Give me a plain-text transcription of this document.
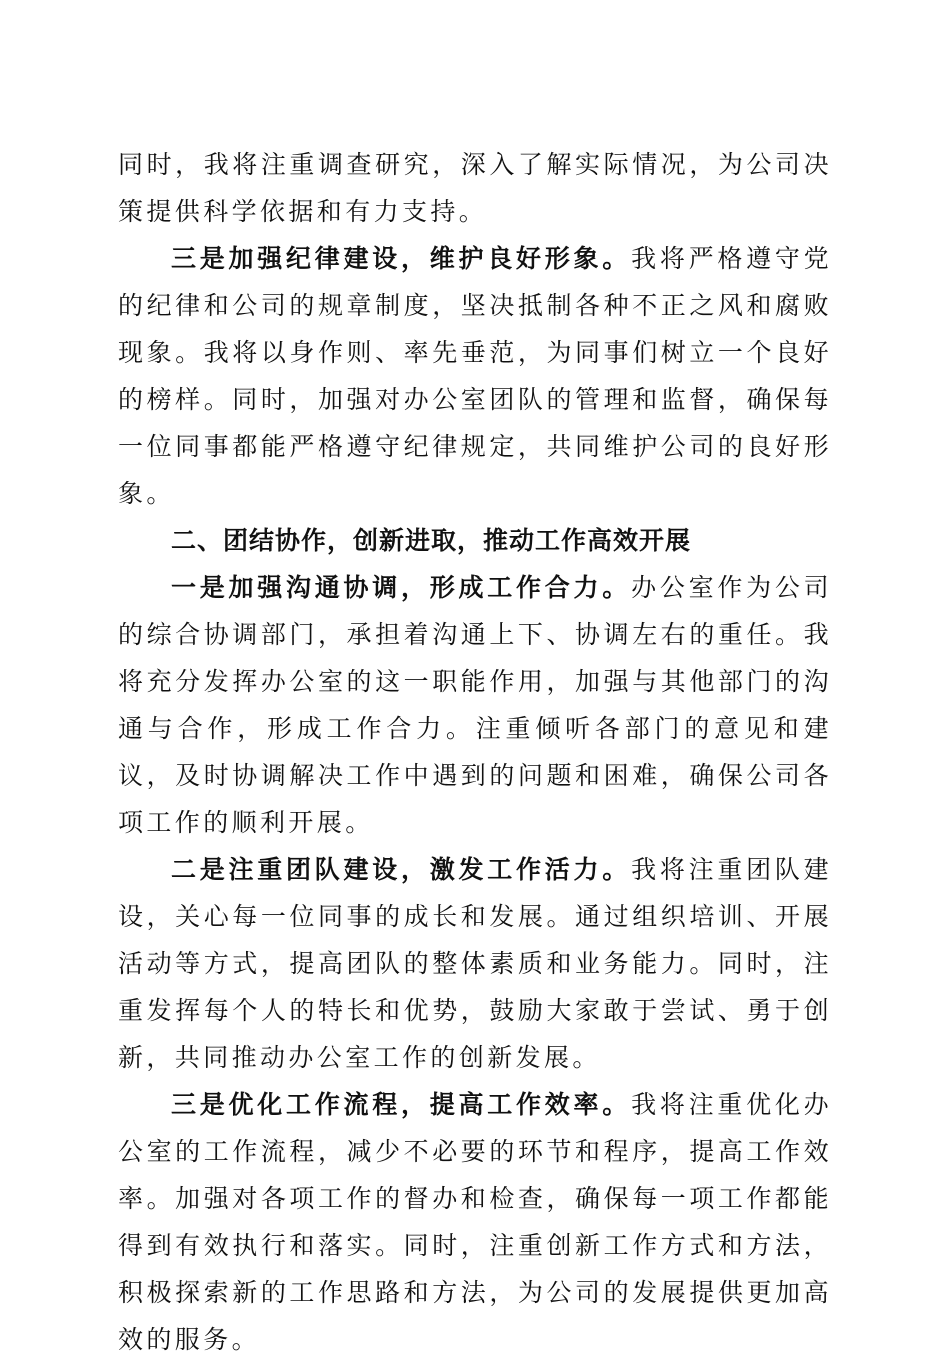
同时，我将注重调查研究，深入了解实际情况，为公司决策提供科学依据和有力支持。

三是加强纪律建设，维护良好形象。我将严格遵守党的纪律和公司的规章制度，坚决抵制各种不正之风和腐败现象。我将以身作则、率先垂范，为同事们树立一个良好的榜样。同时，加强对办公室团队的管理和监督，确保每一位同事都能严格遵守纪律规定，共同维护公司的良好形象。

二、团结协作，创新进取，推动工作高效开展

一是加强沟通协调，形成工作合力。办公室作为公司的综合协调部门，承担着沟通上下、协调左右的重任。我将充分发挥办公室的这一职能作用，加强与其他部门的沟通与合作，形成工作合力。注重倾听各部门的意见和建议，及时协调解决工作中遇到的问题和困难，确保公司各项工作的顺利开展。

二是注重团队建设，激发工作活力。我将注重团队建设，关心每一位同事的成长和发展。通过组织培训、开展活动等方式，提高团队的整体素质和业务能力。同时，注重发挥每个人的特长和优势，鼓励大家敢于尝试、勇于创新，共同推动办公室工作的创新发展。

三是优化工作流程，提高工作效率。我将注重优化办公室的工作流程，减少不必要的环节和程序，提高工作效率。加强对各项工作的督办和检查，确保每一项工作都能得到有效执行和落实。同时，注重创新工作方式和方法，积极探索新的工作思路和方法，为公司的发展提供更加高效的服务。
